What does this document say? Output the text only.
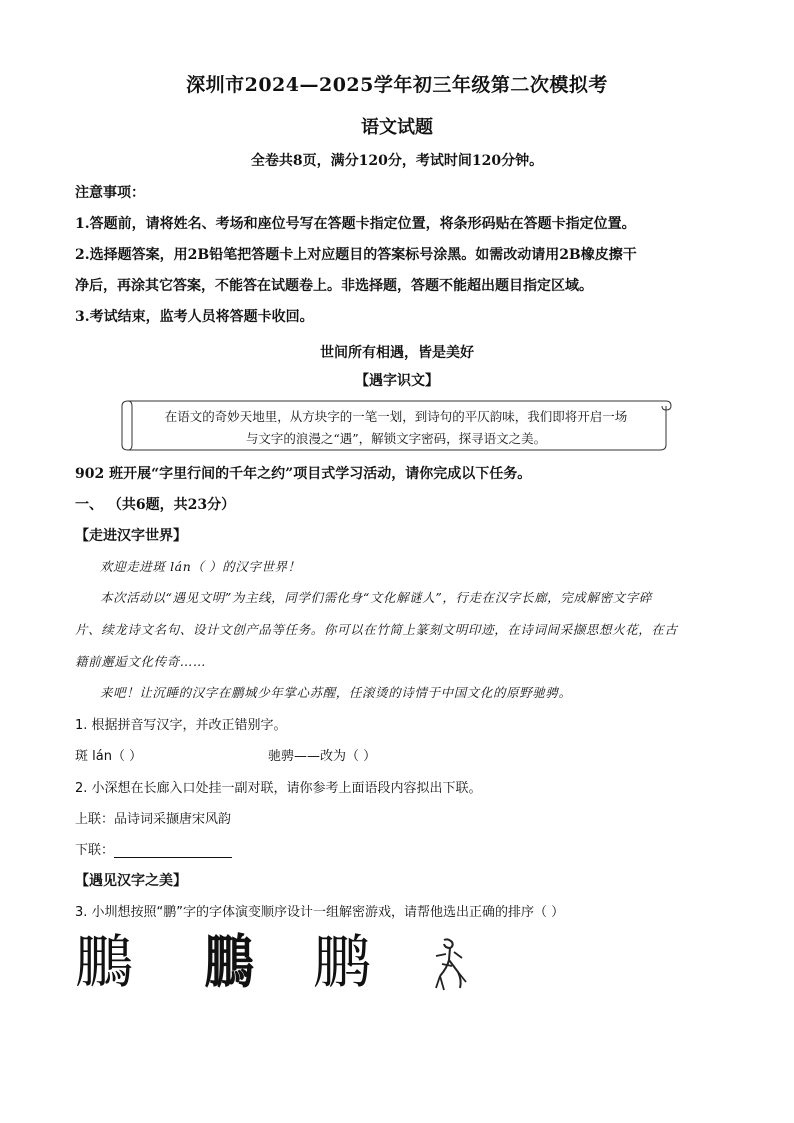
深圳市2024—2025学年初三年级第二次模拟考
语文试题
全卷共8页，满分120分，考试时间120分钟。
注意事项：
1.答题前，请将姓名、考场和座位号写在答题卡指定位置，将条形码贴在答题卡指定位置。
2.选择题答案，用2B铅笔把答题卡上对应题目的答案标号涂黑。如需改动请用2B橡皮擦干
净后，再涂其它答案，不能答在试题卷上。非选择题，答题不能超出题目指定区域。
3.考试结束，监考人员将答题卡收回。
世间所有相遇，皆是美好
【遇字识文】
在语文的奇妙天地里，从方块字的一笔一划，到诗句的平仄韵味，我们即将开启一场
与文字的浪漫之“遇”，解锁文字密码，探寻语文之美。
902 班开展“字里行间的千年之约”项目式学习活动，请你完成以下任务。
一、 （共6题，共23分）
【走进汉字世界】
欢迎走进斑 lán（ ）的汉字世界！
本次活动以“遇见文明”为主线，同学们需化身“文化解谜人”，行走在汉字长廊，完成解密文字碎
片、续龙诗文名句、设计文创产品等任务。你可以在竹简上篆刻文明印迹，在诗词间采撷思想火花，在古
籍前邂逅文化传奇……
来吧！让沉睡的汉字在鹏城少年掌心苏醒，任滚烫的诗情于中国文化的原野驰骋。
1. 根据拼音写汉字，并改正错别字。
斑 lán（ ）	驰骋——改为（ ）
2. 小深想在长廊入口处挂一副对联，请你参考上面语段内容拟出下联。
上联：品诗词采撷唐宋风韵
下联：
【遇见汉字之美】
3. 小圳想按照“鹏”字的字体演变顺序设计一组解密游戏，请帮他选出正确的排序（ ）
鵬 鵬 鹏
